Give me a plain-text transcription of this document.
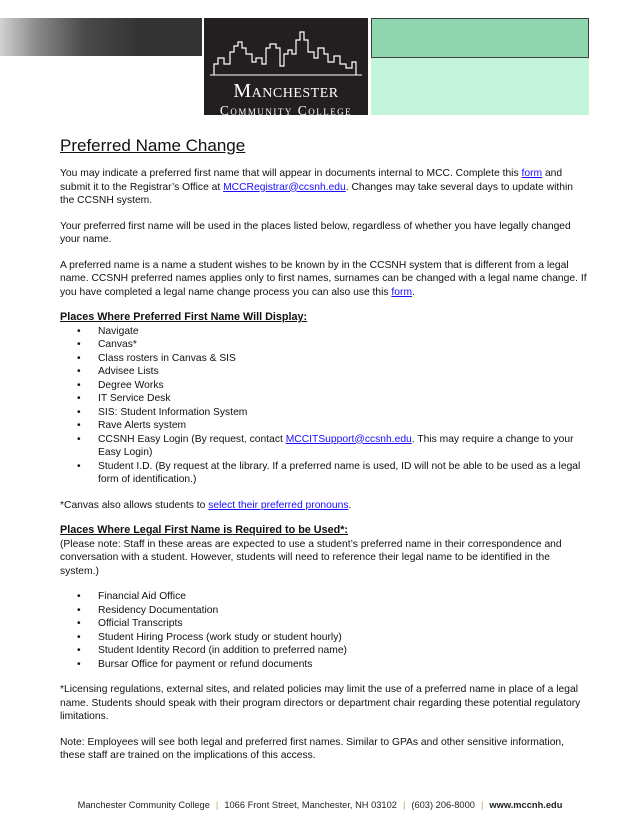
Manchester
Community College
Preferred Name Change

You may indicate a preferred first name that will appear in documents internal to MCC. Complete this form and submit it to the Registrar’s Office at MCCRegistrar@ccsnh.edu. Changes may take several days to update within the CCSNH system.

Your preferred first name will be used in the places listed below, regardless of whether you have legally changed your name.

A preferred name is a name a student wishes to be known by in the CCSNH system that is different from a legal name. CCSNH preferred names applies only to first names, surnames can be changed with a legal name change. If you have completed a legal name change process you can also use this form.

Places Where Preferred First Name Will Display:
• Navigate
• Canvas*
• Class rosters in Canvas & SIS
• Advisee Lists
• Degree Works
• IT Service Desk
• SIS: Student Information System
• Rave Alerts system
• CCSNH Easy Login (By request, contact MCCITSupport@ccsnh.edu. This may require a change to your Easy Login)
• Student I.D. (By request at the library. If a preferred name is used, ID will not be able to be used as a legal form of identification.)

*Canvas also allows students to select their preferred pronouns.

Places Where Legal First Name is Required to be Used*:
(Please note: Staff in these areas are expected to use a student’s preferred name in their correspondence and conversation with a student. However, students will need to reference their legal name to be identified in the system.)
• Financial Aid Office
• Residency Documentation
• Official Transcripts
• Student Hiring Process (work study or student hourly)
• Student Identity Record (in addition to preferred name)
• Bursar Office for payment or refund documents

*Licensing regulations, external sites, and related policies may limit the use of a preferred name in place of a legal name. Students should speak with their program directors or department chair regarding these potential regulatory limitations.

Note: Employees will see both legal and preferred first names. Similar to GPAs and other sensitive information, these staff are trained on the implications of this access.

Manchester Community College | 1066 Front Street, Manchester, NH 03102 | (603) 206-8000 | www.mccnh.edu
